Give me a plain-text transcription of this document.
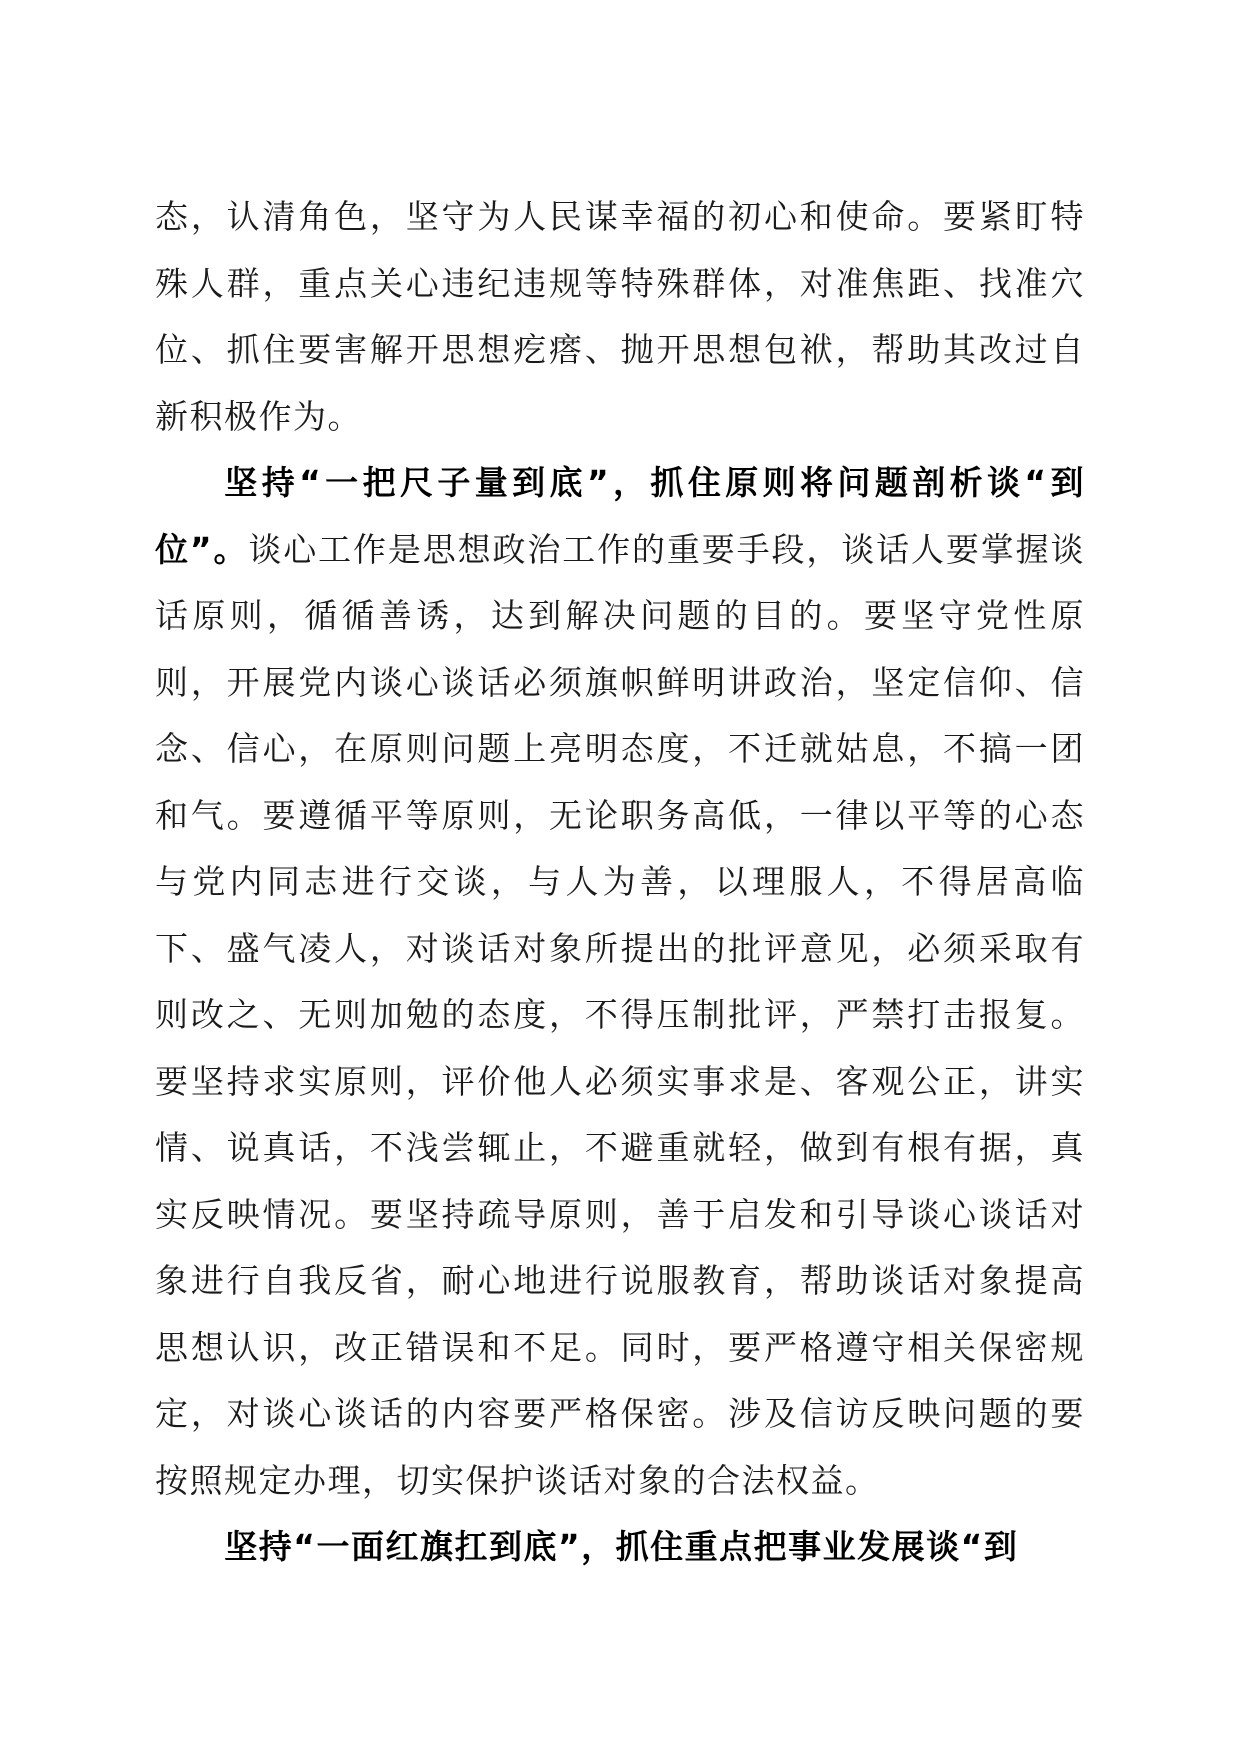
态，认清角色，坚守为人民谋幸福的初心和使命。要紧盯特殊人群，重点关心违纪违规等特殊群体，对准焦距、找准穴位、抓住要害解开思想疙瘩、抛开思想包袱，帮助其改过自新积极作为。

坚持“一把尺子量到底”，抓住原则将问题剖析谈“到位”。谈心工作是思想政治工作的重要手段，谈话人要掌握谈话原则，循循善诱，达到解决问题的目的。要坚守党性原则，开展党内谈心谈话必须旗帜鲜明讲政治，坚定信仰、信念、信心，在原则问题上亮明态度，不迁就姑息，不搞一团和气。要遵循平等原则，无论职务高低，一律以平等的心态与党内同志进行交谈，与人为善，以理服人，不得居高临下、盛气凌人，对谈话对象所提出的批评意见，必须采取有则改之、无则加勉的态度，不得压制批评，严禁打击报复。要坚持求实原则，评价他人必须实事求是、客观公正，讲实情、说真话，不浅尝辄止，不避重就轻，做到有根有据，真实反映情况。要坚持疏导原则，善于启发和引导谈心谈话对象进行自我反省，耐心地进行说服教育，帮助谈话对象提高思想认识，改正错误和不足。同时，要严格遵守相关保密规定，对谈心谈话的内容要严格保密。涉及信访反映问题的要按照规定办理，切实保护谈话对象的合法权益。

坚持“一面红旗扛到底”，抓住重点把事业发展谈“到
